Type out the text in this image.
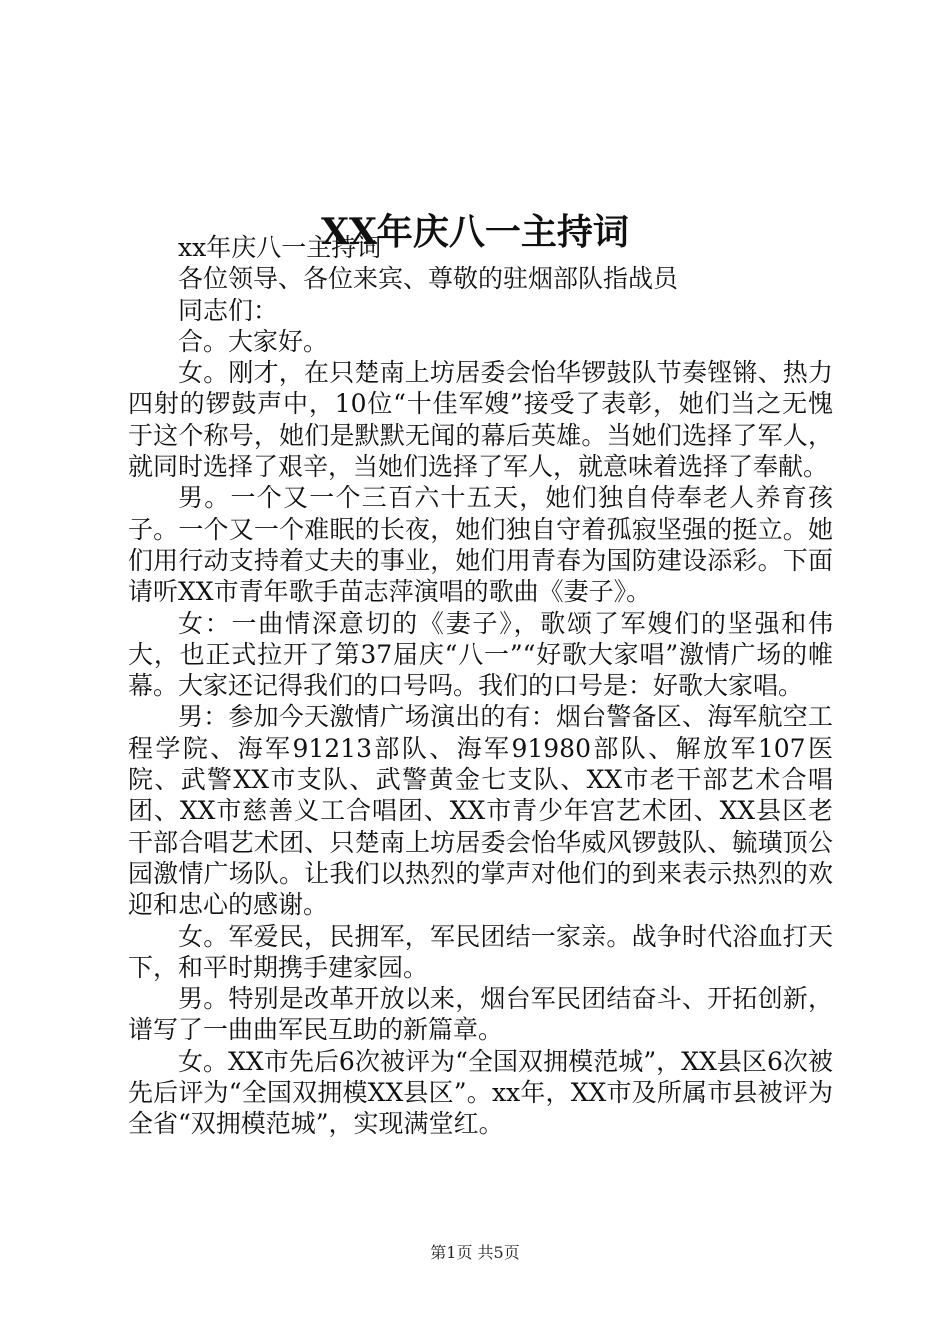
XX年庆八一主持词

xx年庆八一主持词

各位领导、各位来宾、尊敬的驻烟部队指战员

同志们：

合。大家好。

女。刚才，在只楚南上坊居委会怡华锣鼓队节奏铿锵、热力四射的锣鼓声中，10位“十佳军嫂”接受了表彰，她们当之无愧于这个称号，她们是默默无闻的幕后英雄。当她们选择了军人，就同时选择了艰辛，当她们选择了军人，就意味着选择了奉献。

男。一个又一个三百六十五天，她们独自侍奉老人养育孩子。一个又一个难眠的长夜，她们独自守着孤寂坚强的挺立。她们用行动支持着丈夫的事业，她们用青春为国防建设添彩。下面请听XX市青年歌手苗志萍演唱的歌曲《妻子》。

女：一曲情深意切的《妻子》，歌颂了军嫂们的坚强和伟大，也正式拉开了第37届庆“八一”“好歌大家唱”激情广场的帷幕。大家还记得我们的口号吗。我们的口号是：好歌大家唱。

男：参加今天激情广场演出的有：烟台警备区、海军航空工程学院、海军91213部队、海军91980部队、解放军107医院、武警XX市支队、武警黄金七支队、XX市老干部艺术合唱团、XX市慈善义工合唱团、XX市青少年宫艺术团、XX县区老干部合唱艺术团、只楚南上坊居委会怡华威风锣鼓队、毓璜顶公园激情广场队。让我们以热烈的掌声对他们的到来表示热烈的欢迎和忠心的感谢。

女。军爱民，民拥军，军民团结一家亲。战争时代浴血打天下，和平时期携手建家园。

男。特别是改革开放以来，烟台军民团结奋斗、开拓创新，谱写了一曲曲军民互助的新篇章。

女。XX市先后6次被评为“全国双拥模范城”，XX县区6次被先后评为“全国双拥模XX县区”。xx年，XX市及所属市县被评为全省“双拥模范城”，实现满堂红。

第1页 共5页
